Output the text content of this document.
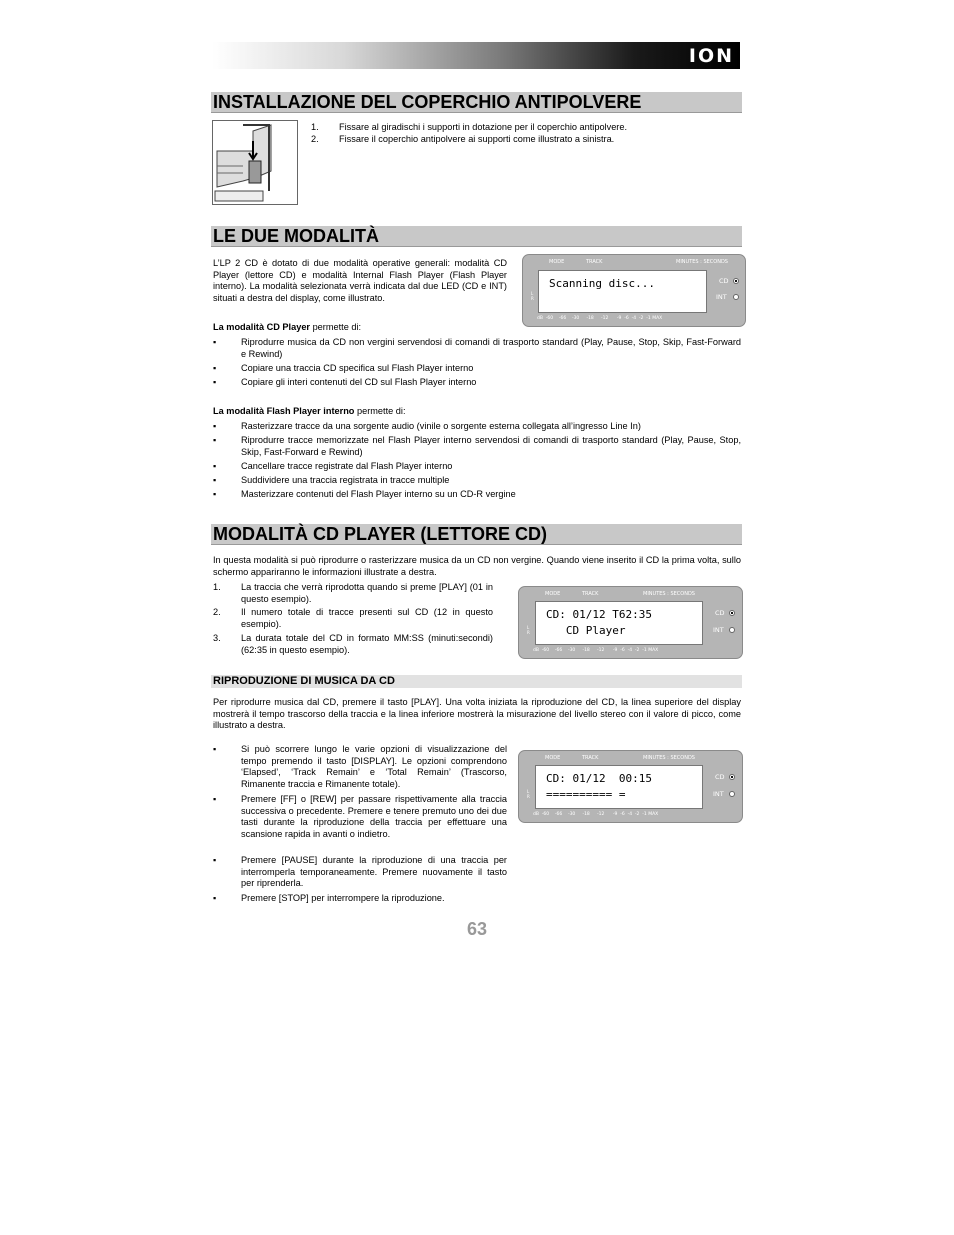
ION
INSTALLAZIONE DEL COPERCHIO ANTIPOLVERE
1. Fissare al giradischi i supporti in dotazione per il coperchio antipolvere.
2. Fissare il coperchio antipolvere ai supporti come illustrato a sinistra.
LE DUE MODALITÀ
L’LP 2 CD è dotato di due modalità operative generali: modalità CD Player (lettore CD) e modalità Internal Flash Player (Flash Player interno). La modalità selezionata verrà indicata dal due LED (CD e INT) situati a destra del display, come illustrato.
MODE	TRACK	MINUTES : SECONDS
L
R
Scanning disc...	CD
INT
dB  -60    -66    -30     -18     -12      -9  -6  -4  -2  -1 MAX
La modalità CD Player permette di:
▪	Riprodurre musica da CD non vergini servendosi di comandi di trasporto standard (Play, Pause, Stop, Skip, Fast-Forward e Rewind)
▪	Copiare una traccia CD specifica sul Flash Player interno
▪	Copiare gli interi contenuti del CD sul Flash Player interno
La modalità Flash Player interno permette di:
▪	Rasterizzare tracce da una sorgente audio (vinile o sorgente esterna collegata all’ingresso Line In)
▪	Riprodurre tracce memorizzate nel Flash Player interno servendosi di comandi di trasporto standard (Play, Pause, Stop, Skip, Fast-Forward e Rewind)
▪	Cancellare tracce registrate dal Flash Player interno
▪	Suddividere una traccia registrata in tracce multiple
▪	Masterizzare contenuti del Flash Player interno su un CD-R vergine
MODALITÀ CD PLAYER (LETTORE CD)
In questa modalità si può riprodurre o rasterizzare musica da un CD non vergine. Quando viene inserito il CD la prima volta, sullo schermo appariranno le informazioni illustrate a destra.
1. La traccia che verrà riprodotta quando si preme [PLAY] (01 in questo esempio).
2. Il numero totale di tracce presenti sul CD (12 in questo esempio).
3. La durata totale del CD in formato MM:SS (minuti:secondi) (62:35 in questo esempio).
MODE	TRACK	MINUTES : SECONDS
L
R
CD: 01/12 T62:35
CD Player
CD
INT
dB  -60    -66    -30     -18     -12      -9  -6  -4  -2  -1 MAX
RIPRODUZIONE DI MUSICA DA CD
Per riprodurre musica dal CD, premere il tasto [PLAY]. Una volta iniziata la riproduzione del CD, la linea superiore del display mostrerà il tempo trascorso della traccia e la linea inferiore mostrerà la misurazione del livello stereo con il valore di picco, come illustrato a destra.
▪	Si può scorrere lungo le varie opzioni di visualizzazione del tempo premendo il tasto [DISPLAY]. Le opzioni comprendono ‘Elapsed’, ‘Track Remain’ e ‘Total Remain’ (Trascorso, Rimanente traccia e Rimanente totale).
▪	Premere [FF] o [REW] per passare rispettivamente alla traccia successiva o precedente. Premere e tenere premuto uno dei due tasti durante la riproduzione della traccia per effettuare una scansione rapida in avanti o indietro.
▪	Premere [PAUSE] durante la riproduzione di una traccia per interromperla temporaneamente. Premere nuovamente il tasto per riprenderla.
▪	Premere [STOP] per interrompere la riproduzione.
MODE	TRACK	MINUTES : SECONDS
L
R
CD: 01/12  00:15
========== =
CD
INT
dB  -60    -66    -30     -18     -12      -9  -6  -4  -2  -1 MAX
63
